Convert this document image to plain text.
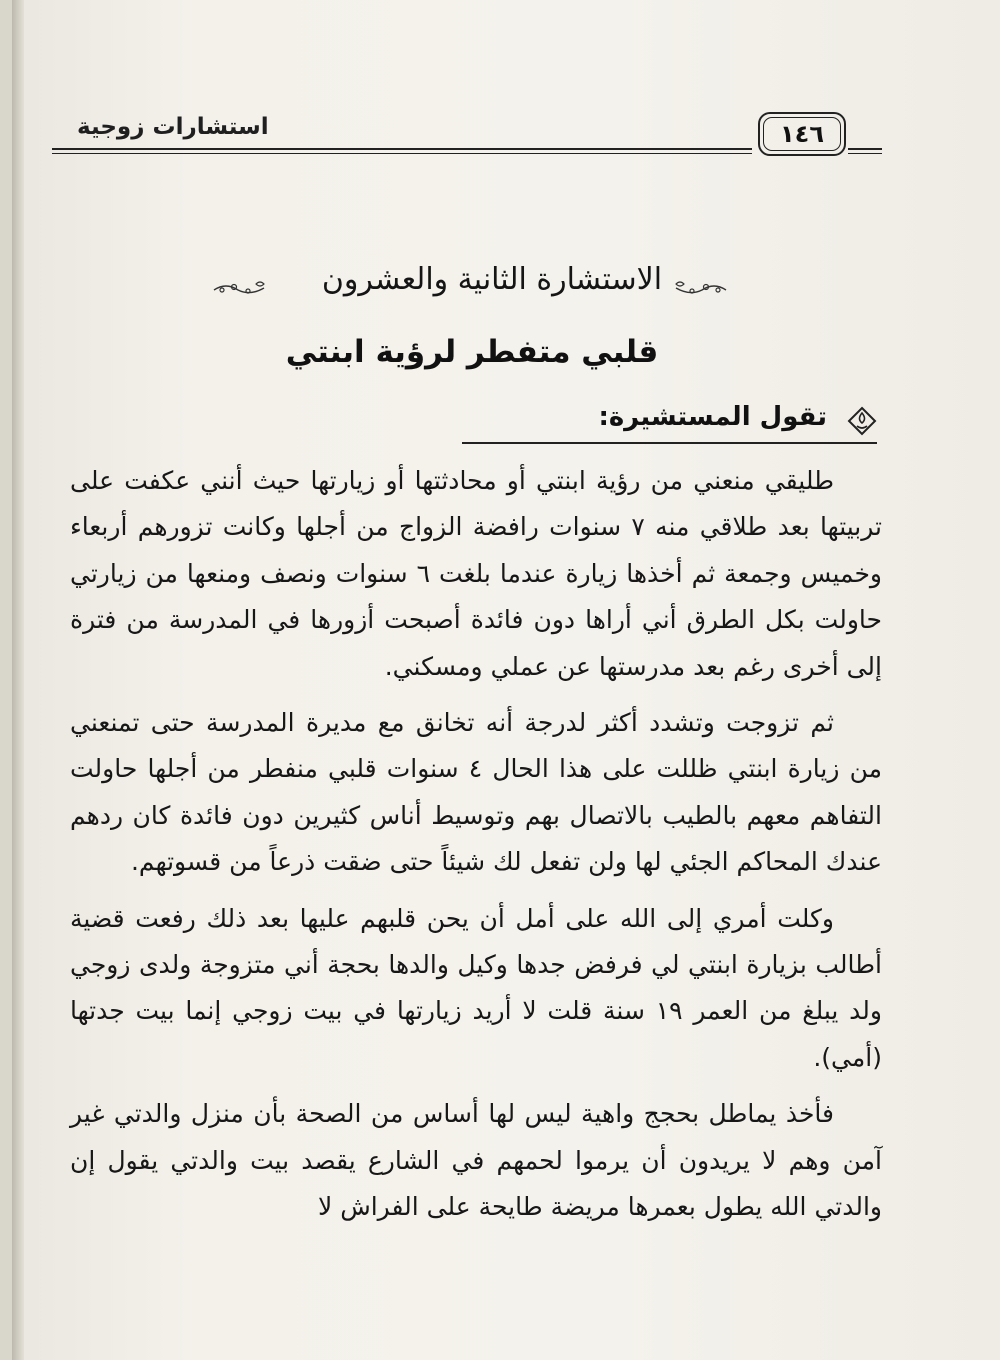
استشارات زوجية	١٤٦
الاستشارة الثانية والعشرون
قلبي متفطر لرؤية ابنتي
تقول المستشيرة:

طليقي منعني من رؤية ابنتي أو محادثتها أو زيارتها حيث أنني عكفت على تربيتها بعد طلاقي منه ٧ سنوات رافضة الزواج من أجلها وكانت تزورهم أربعاء وخميس وجمعة ثم أخذها زيارة عندما بلغت ٦ سنوات ونصف ومنعها من زيارتي حاولت بكل الطرق أني أراها دون فائدة أصبحت أزورها في المدرسة من فترة إلى أخرى رغم بعد مدرستها عن عملي ومسكني.

ثم تزوجت وتشدد أكثر لدرجة أنه تخانق مع مديرة المدرسة حتى تمنعني من زيارة ابنتي ظللت على هذا الحال ٤ سنوات قلبي منفطر من أجلها حاولت التفاهم معهم بالطيب بالاتصال بهم وتوسيط أناس كثيرين دون فائدة كان ردهم عندك المحاكم الجئي لها ولن تفعل لك شيئاً حتى ضقت ذرعاً من قسوتهم.

وكلت أمري إلى الله على أمل أن يحن قلبهم عليها بعد ذلك رفعت قضية أطالب بزيارة ابنتي لي فرفض جدها وكيل والدها بحجة أني متزوجة ولدى زوجي ولد يبلغ من العمر ١٩ سنة قلت لا أريد زيارتها في بيت زوجي إنما بيت جدتها (أمي).

فأخذ يماطل بحجج واهية ليس لها أساس من الصحة بأن منزل والدتي غير آمن وهم لا يريدون أن يرموا لحمهم في الشارع يقصد بيت والدتي يقول إن والدتي الله يطول بعمرها مريضة طايحة على الفراش لا
